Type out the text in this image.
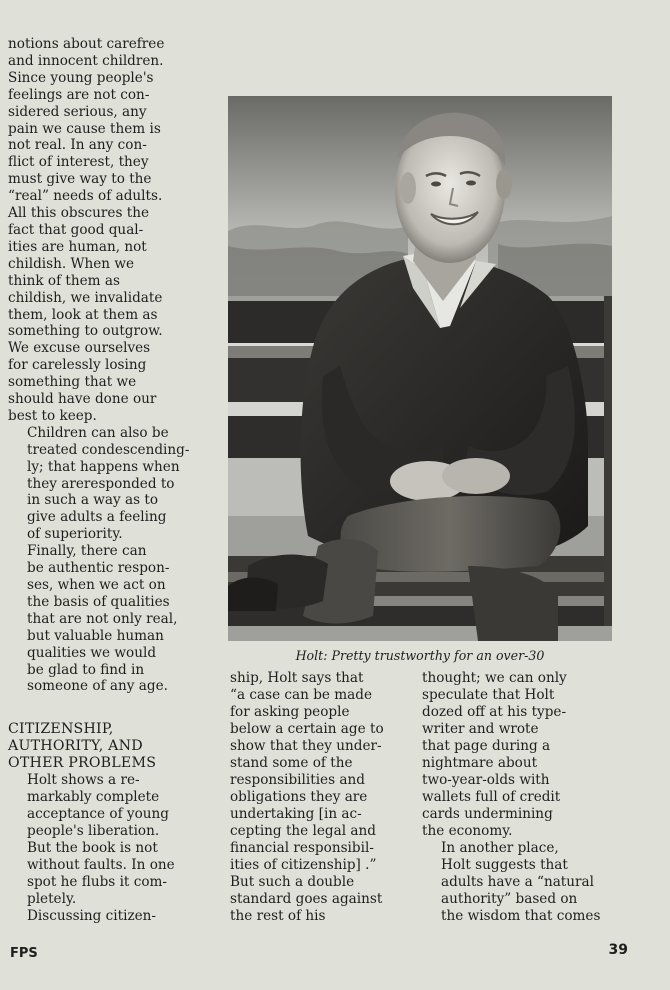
notions about carefree
and innocent children.
Since young people's
feelings are not con-
sidered serious, any
pain we cause them is
not real. In any con-
flict of interest, they
must give way to the
“real” needs of adults.
All this obscures the
fact that good qual-
ities are human, not
childish. When we
think of them as
childish, we invalidate
them, look at them as
something to outgrow.
We excuse ourselves
for carelessly losing
something that we
should have done our
best to keep.

Children can also be
treated condescending-
ly; that happens when
they areresponded to
in such a way as to
give adults a feeling
of superiority.

Finally, there can
be authentic respon-
ses, when we act on
the basis of qualities
that are not only real,
but valuable human
qualities we would
be glad to find in
someone of any age.

CITIZENSHIP,
AUTHORITY, AND
OTHER PROBLEMS

Holt shows a re-
markably complete
acceptance of young
people's liberation.
But the book is not
without faults. In one
spot he flubs it com-
pletely.

Discussing citizen-

Holt: Pretty trustworthy for an over-30

ship, Holt says that
“a case can be made
for asking people
below a certain age to
show that they under-
stand some of the
responsibilities and
obligations they are
undertaking [in ac-
cepting the legal and
financial responsibil-
ities of citizenship] .”
But such a double
standard goes against
the rest of his

thought; we can only
speculate that Holt
dozed off at his type-
writer and wrote
that page during a
nightmare about
two-year-olds with
wallets full of credit
cards undermining
the economy.

In another place,
Holt suggests that
adults have a “natural
authority” based on
the wisdom that comes

FPS	39
